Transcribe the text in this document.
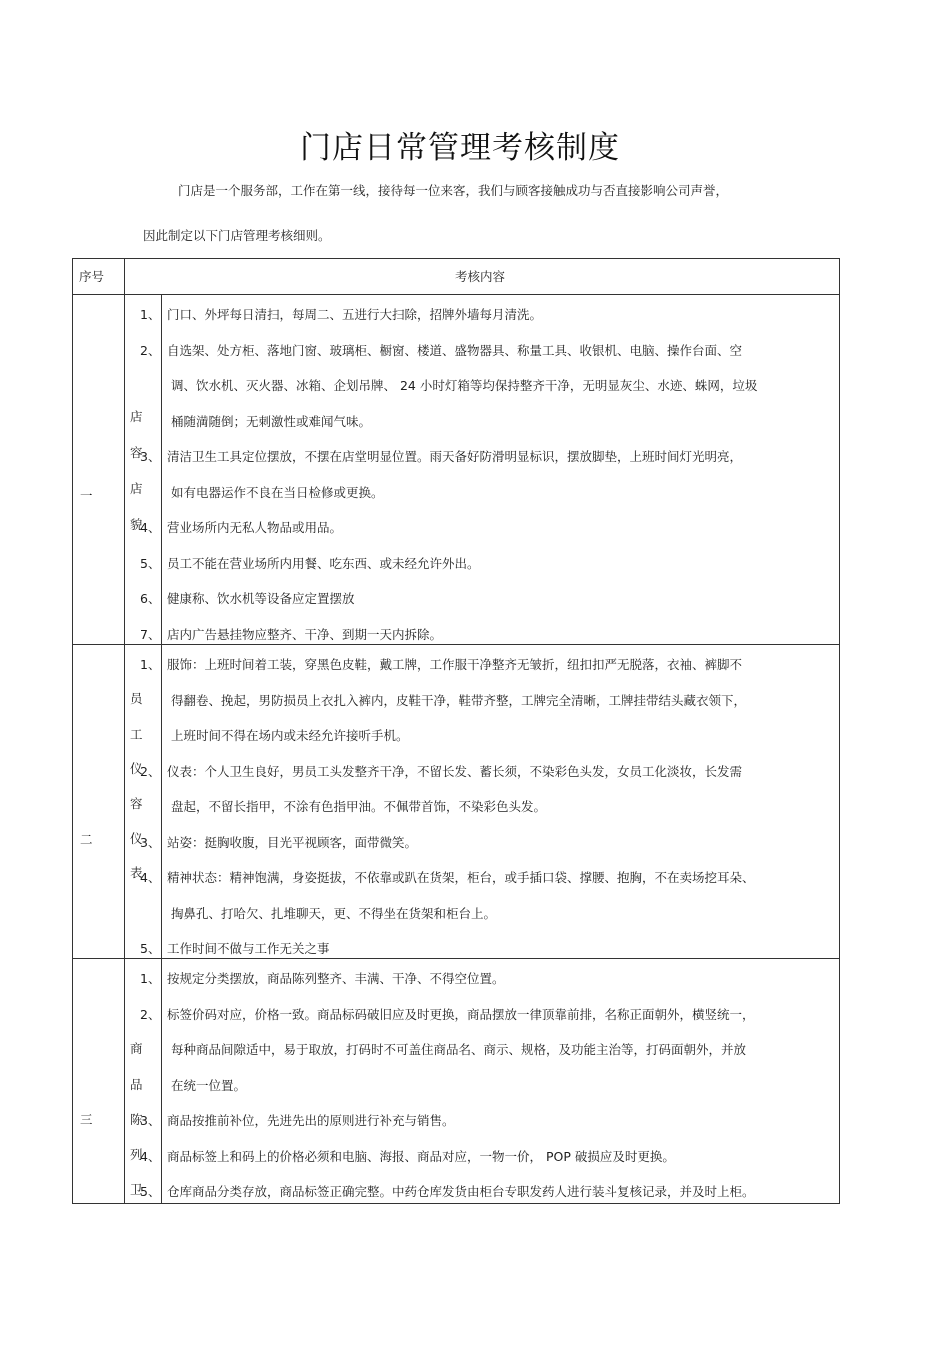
门店日常管理考核制度
门店是一个服务部，工作在第一线，接待每一位来客，我们与顾客接触成功与否直接影响公司声誉，
因此制定以下门店管理考核细则。
序号	考核内容
一
店
容
店
貌
1、 门口、外坪每日清扫，每周二、五进行大扫除，招牌外墙每月清洗。
2、 自选架、处方柜、落地门窗、玻璃柜、橱窗、楼道、盛物器具、称量工具、收银机、电脑、操作台面、空
调、饮水机、灭火器、冰箱、企划吊牌、 24 小时灯箱等均保持整齐干净，无明显灰尘、水迹、蛛网，垃圾
桶随満随倒；无刺激性或难闻气味。
3、 清洁卫生工具定位摆放，不摆在店堂明显位置。雨天备好防滑明显标识，摆放脚垫，上班时间灯光明亮，
如有电器运作不良在当日检修或更换。
4、 营业场所内无私人物品或用品。
5、 员工不能在营业场所内用餐、吃东西、或未经允许外出。
6、 健康称、饮水机等设备应定置摆放
7、 店内广告悬挂物应整齐、干净、到期一天内拆除。
二
员
工
仪
容
仪
表
1、 服饰：上班时间着工装，穿黑色皮鞋，戴工牌，工作服干净整齐无皱折，纽扣扣严无脱落，衣袖、裤脚不
得翻卷、挽起，男防损员上衣扎入裤内，皮鞋干净，鞋带齐整，工牌完全清晰，工牌挂带结头藏衣领下，
上班时间不得在场内或未经允许接听手机。
2、 仪表：个人卫生良好，男员工头发整齐干净，不留长发、蓄长须，不染彩色头发，女员工化淡妆，长发需
盘起，不留长指甲，不涂有色指甲油。不佩带首饰，不染彩色头发。
3、 站姿：挺胸收腹，目光平视顾客，面带微笑。
4、 精神状态：精神饱满，身姿挺拔，不依靠或趴在货架，柜台，或手插口袋、撑腰、抱胸，不在卖场挖耳朵、
掏鼻孔、打哈欠、扎堆聊天，更、不得坐在货架和柜台上。
5、 工作时间不做与工作无关之事
三
商
品
陈
列
卫
1、 按规定分类摆放，商品陈列整齐、丰满、干净、不得空位置。
2、 标签价码对应，价格一致。商品标码破旧应及时更换，商品摆放一律顶靠前排，名称正面朝外，横竖统一，
每种商品间隙适中，易于取放，打码时不可盖住商品名、商示、规格，及功能主治等，打码面朝外，并放
在统一位置。
3、 商品按推前补位，先进先出的原则进行补充与销售。
4、 商品标签上和码上的价格必须和电脑、海报、商品对应，一物一价， POP 破损应及时更换。
5、 仓库商品分类存放，商品标签正确完整。中药仓库发货由柜台专职发药人进行装斗复核记录，并及时上柜。
